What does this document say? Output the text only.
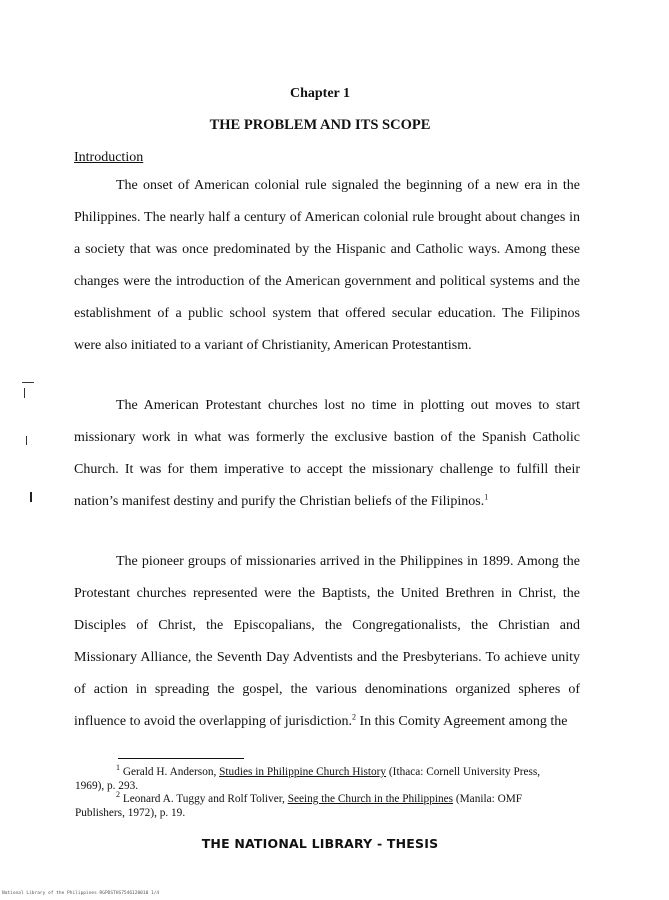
Chapter 1
THE PROBLEM AND ITS SCOPE
Introduction
The onset of American colonial rule signaled the beginning of a new era in the
Philippines. The nearly half a century of American colonial rule brought about changes in
a society that was once predominated by the Hispanic and Catholic ways. Among these
changes were the introduction of the American government and political systems and the
establishment of a public school system that offered secular education. The Filipinos
were also initiated to a variant of Christianity, American Protestantism.
The American Protestant churches lost no time in plotting out moves to start
missionary work in what was formerly the exclusive bastion of the Spanish Catholic
Church. It was for them imperative to accept the missionary challenge to fulfill their
nation’s manifest destiny and purify the Christian beliefs of the Filipinos.$^1$
The pioneer groups of missionaries arrived in the Philippines in 1899. Among the
Protestant churches represented were the Baptists, the United Brethren in Christ, the
Disciples of Christ, the Episcopalians, the Congregationalists, the Christian and
Missionary Alliance, the Seventh Day Adventists and the Presbyterians. To achieve unity
of action in spreading the gospel, the various denominations organized spheres of
influence to avoid the overlapping of jurisdiction.$^2$ In this Comity Agreement among the
$^1$ Gerald H. Anderson, Studies in Philippine Church History (Ithaca: Cornell University Press,
1969), p. 293.
$^2$ Leonard A. Tuggy and Rolf Toliver, Seeing the Church in the Philippines (Manila: OMF
Publishers, 1972), p. 19.
THE NATIONAL LIBRARY - THESIS
National Library of the Philippines RGPDSTHS7546120010 1/4
